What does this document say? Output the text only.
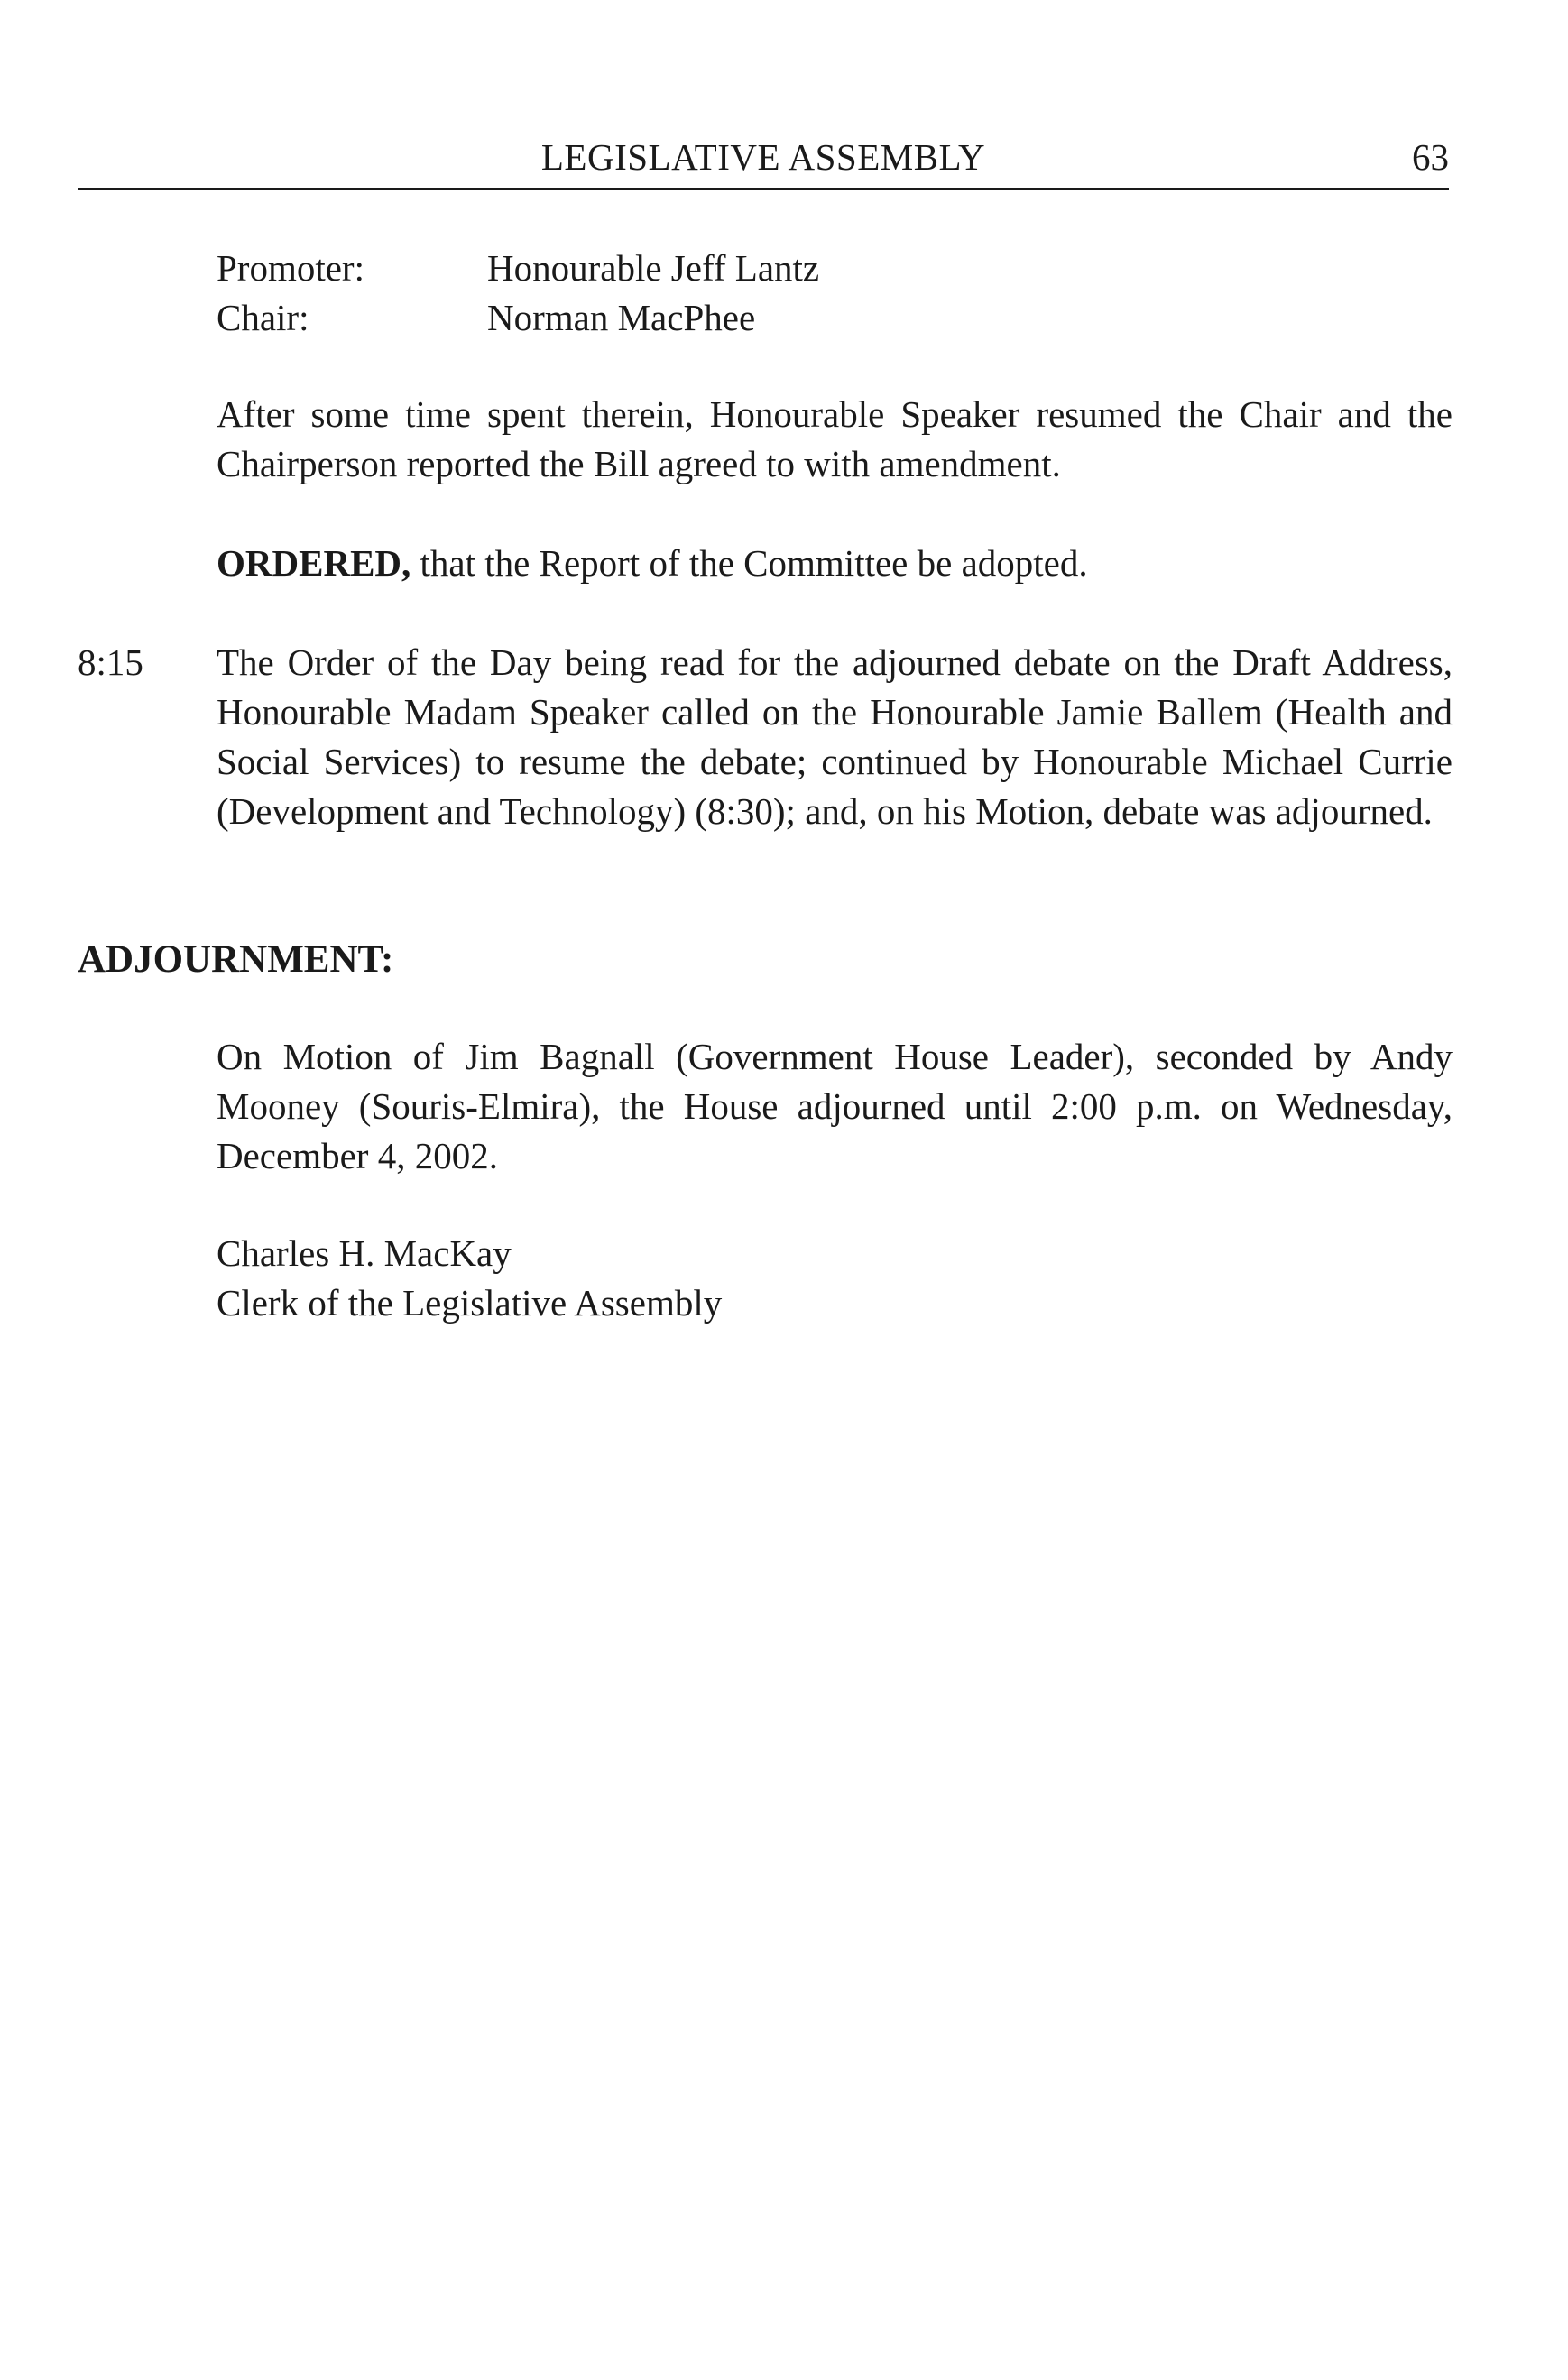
LEGISLATIVE ASSEMBLY	63
Promoter:	Honourable Jeff Lantz
Chair:	Norman MacPhee
After some time spent therein, Honourable Speaker resumed the Chair and the Chairperson reported the Bill agreed to with amendment.
ORDERED, that the Report of the Committee be adopted.
8:15 The Order of the Day being read for the adjourned debate on the Draft Address, Honourable Madam Speaker called on the Honourable Jamie Ballem (Health and Social Services) to resume the debate; continued by Honourable Michael Currie (Development and Technology) (8:30); and, on his Motion, debate was adjourned.
ADJOURNMENT:
On Motion of Jim Bagnall (Government House Leader), seconded by Andy Mooney (Souris-Elmira), the House adjourned until 2:00 p.m. on Wednesday, December 4, 2002.
Charles H. MacKay
Clerk of the Legislative Assembly
